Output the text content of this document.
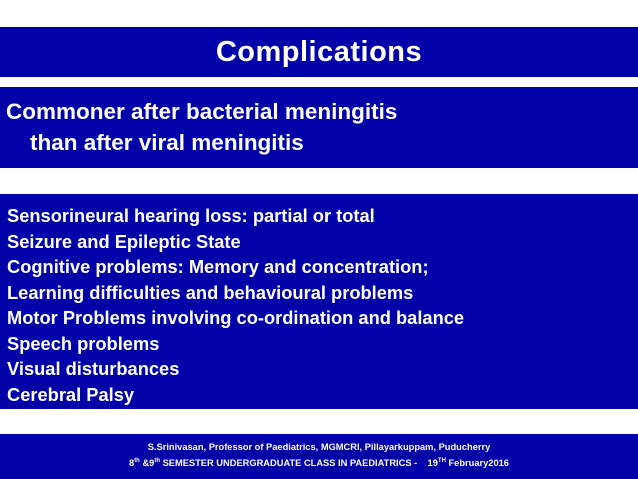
Complications
Commoner after bacterial meningitis
than after viral meningitis
Sensorineural hearing loss: partial or total
Seizure and Epileptic State
Cognitive problems: Memory and concentration;
Learning difficulties and behavioural problems
Motor Problems involving co-ordination and balance
Speech problems
Visual disturbances
Cerebral Palsy
S.Srinivasan, Professor of Paediatrics, MGMCRI, Pillayarkuppam, Puducherry
8th &9th SEMESTER UNDERGRADUATE CLASS IN PAEDIATRICS -    19TH February2016
